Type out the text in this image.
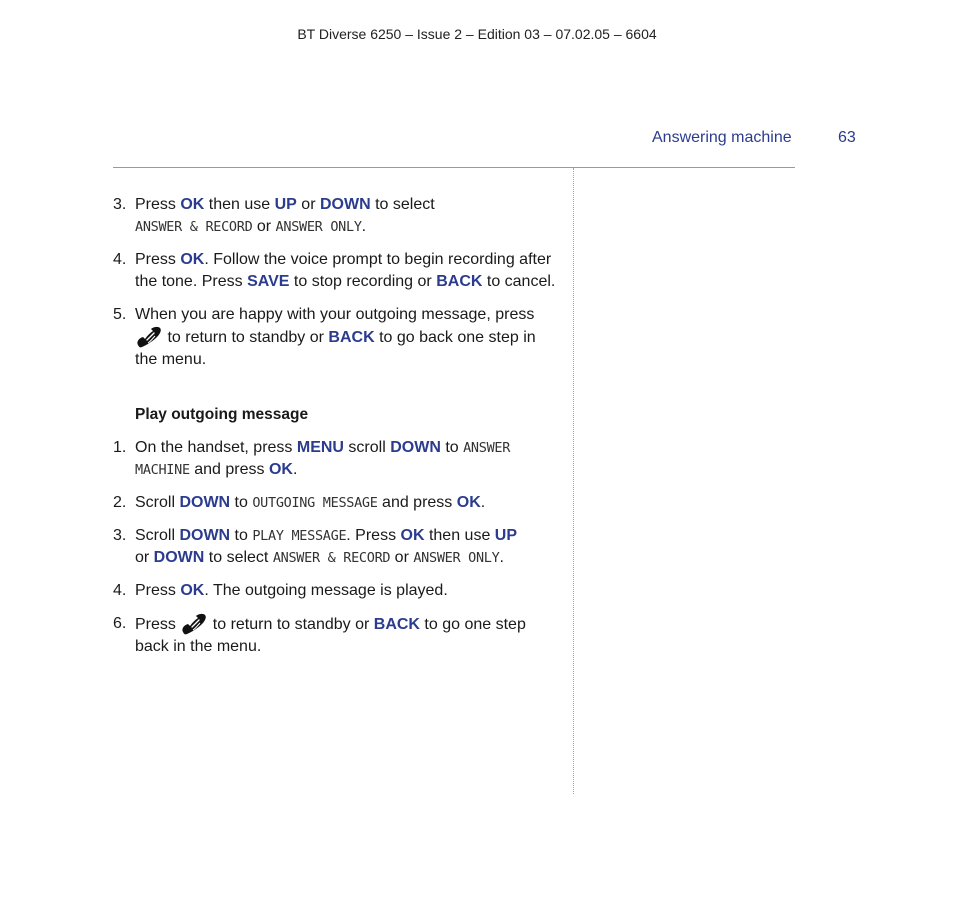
BT Diverse 6250 – Issue 2 – Edition 03 – 07.02.05 – 6604
Answering machine	63
3. Press OK then use UP or DOWN to select
ANSWER & RECORD or ANSWER ONLY.
4. Press OK. Follow the voice prompt to begin recording after the tone. Press SAVE to stop recording or BACK to cancel.
5. When you are happy with your outgoing message, press
to return to standby or BACK to go back one step in the menu.
Play outgoing message
1. On the handset, press MENU scroll DOWN to ANSWER MACHINE and press OK.
2. Scroll DOWN to OUTGOING MESSAGE and press OK.
3. Scroll DOWN to PLAY MESSAGE. Press OK then use UP
or DOWN to select ANSWER & RECORD or ANSWER ONLY.
4. Press OK. The outgoing message is played.
6. Press
to return to standby or BACK to go one step back in the menu.
